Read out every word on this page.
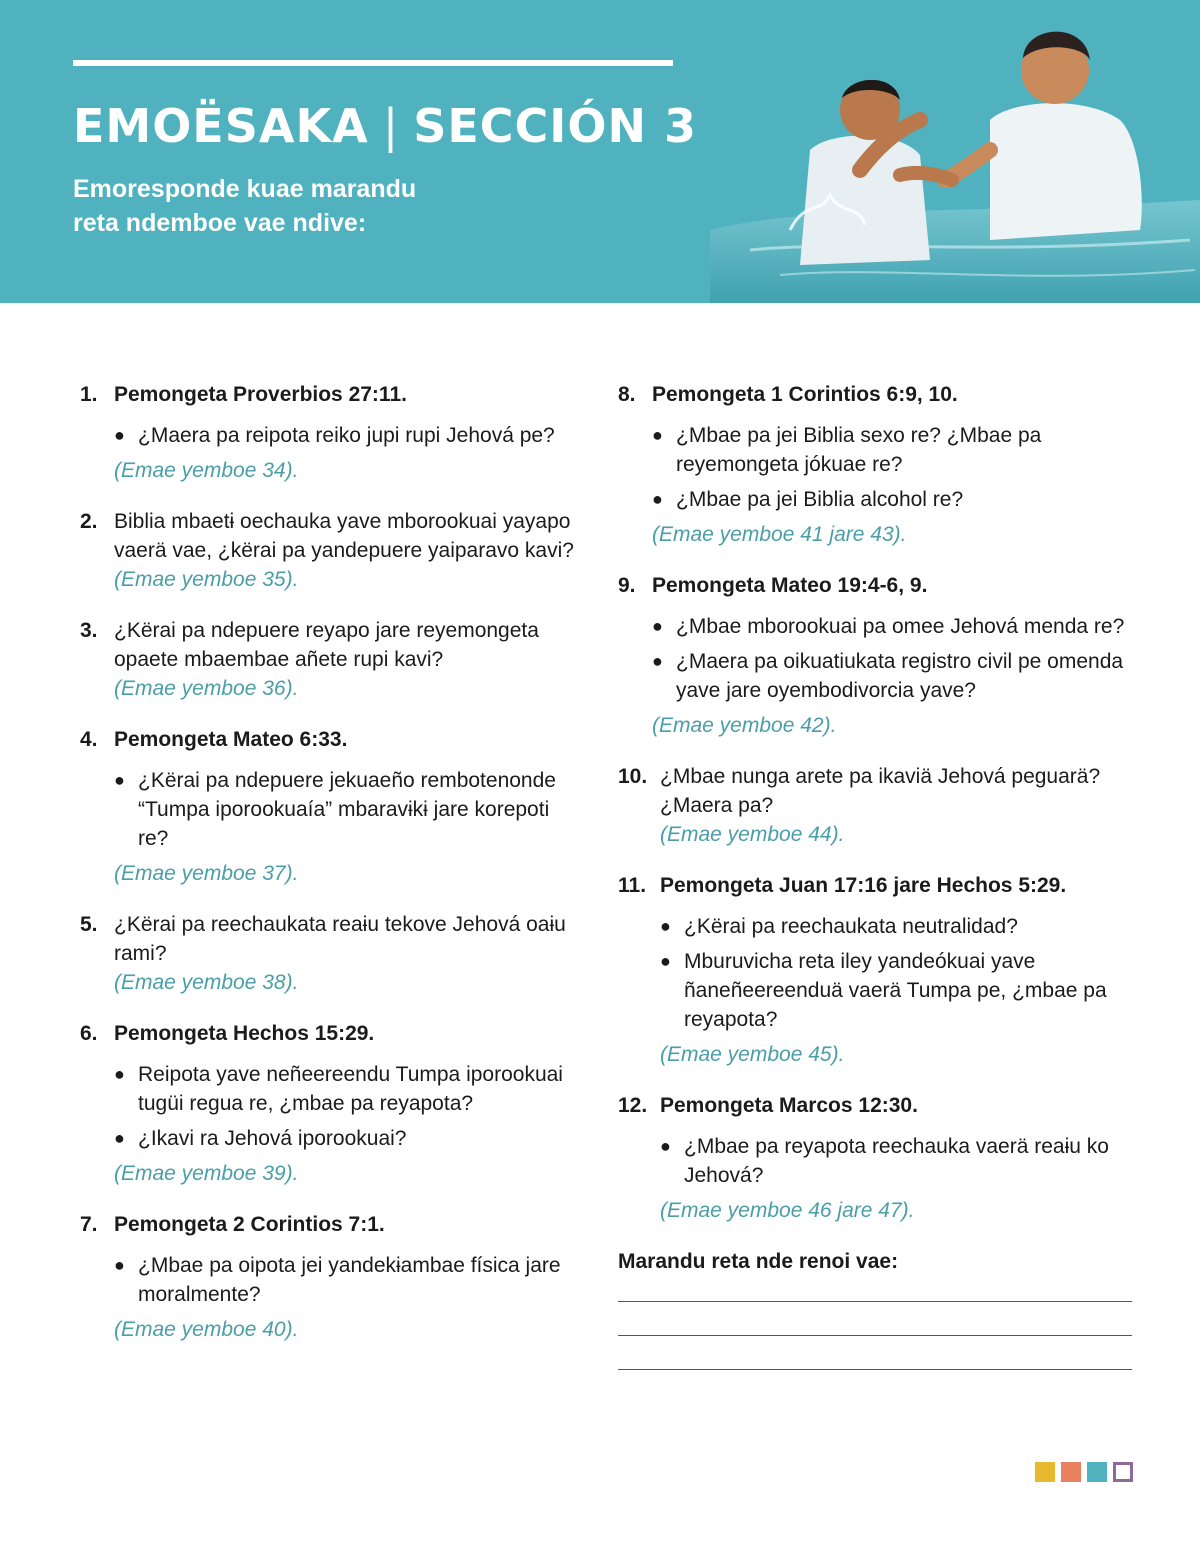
EMOËSAKA | SECCIÓN 3
Emoresponde kuae marandu
reta ndemboe vae ndive:
1. Pemongeta Proverbios 27:11.
● ¿Maera pa reipota reiko jupi rupi Jehová pe?
(Emae yemboe 34).
2. Biblia mbaetɨ oechauka yave mborookuai yayapo vaerä vae, ¿kërai pa yandepuere yaiparavo kavi?
(Emae yemboe 35).
3. ¿Kërai pa ndepuere reyapo jare reyemongeta opaete mbaembae añete rupi kavi?
(Emae yemboe 36).
4. Pemongeta Mateo 6:33.
● ¿Kërai pa ndepuere jekuaeño rembotenonde “Tumpa iporookuaía” mbaravɨkɨ jare korepoti re?
(Emae yemboe 37).
5. ¿Kërai pa reechaukata reaɨu tekove Jehová oaɨu rami?
(Emae yemboe 38).
6. Pemongeta Hechos 15:29.
● Reipota yave neñeereendu Tumpa iporookuai tugüi regua re, ¿mbae pa reyapota?
● ¿Ikavi ra Jehová iporookuai?
(Emae yemboe 39).
7. Pemongeta 2 Corintios 7:1.
● ¿Mbae pa oipota jei yandekɨambae física jare moralmente?
(Emae yemboe 40).
8. Pemongeta 1 Corintios 6:9, 10.
● ¿Mbae pa jei Biblia sexo re? ¿Mbae pa reyemongeta jókuae re?
● ¿Mbae pa jei Biblia alcohol re?
(Emae yemboe 41 jare 43).
9. Pemongeta Mateo 19:4-6, 9.
● ¿Mbae mborookuai pa omee Jehová menda re?
● ¿Maera pa oikuatiukata registro civil pe omenda yave jare oyembodivorcia yave?
(Emae yemboe 42).
10. ¿Mbae nunga arete pa ikaviä Jehová peguarä? ¿Maera pa?
(Emae yemboe 44).
11. Pemongeta Juan 17:16 jare Hechos 5:29.
● ¿Kërai pa reechaukata neutralidad?
● Mburuvicha reta iley yandeókuai yave ñaneñeereenduä vaerä Tumpa pe, ¿mbae pa reyapota?
(Emae yemboe 45).
12. Pemongeta Marcos 12:30.
● ¿Mbae pa reyapota reechauka vaerä reaɨu ko Jehová?
(Emae yemboe 46 jare 47).
Marandu reta nde renoi vae:
